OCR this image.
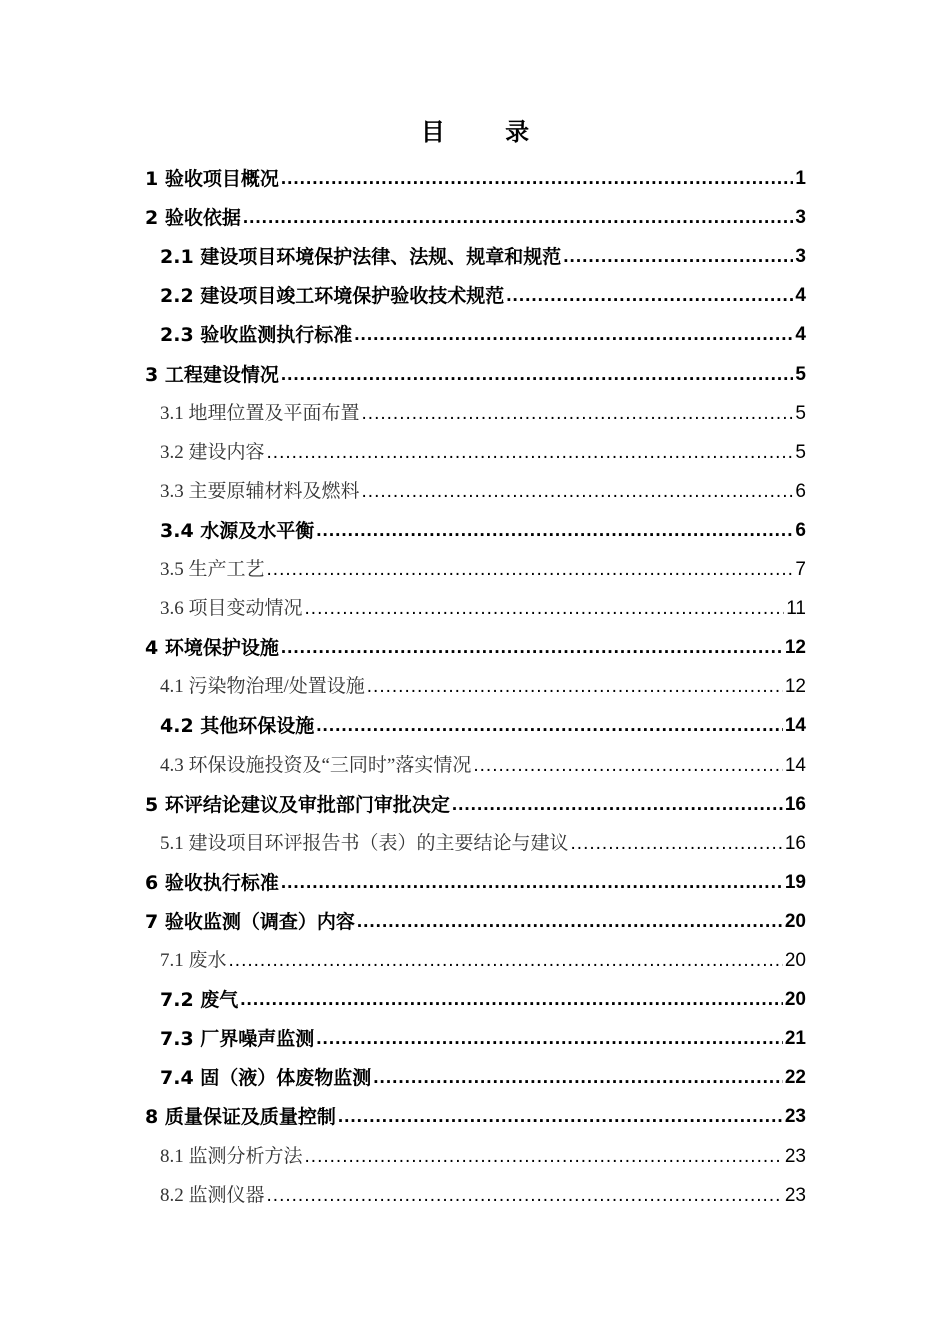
目 录
1 验收项目概况 .....	1
2 验收依据 .....	3
2.1 建设项目环境保护法律、法规、规章和规范 .....	3
2.2 建设项目竣工环境保护验收技术规范 .....	4
2.3 验收监测执行标准 .....	4
3 工程建设情况 .....	5
3.1 地理位置及平面布置 .....	5
3.2 建设内容 .....	5
3.3 主要原辅材料及燃料 .....	6
3.4 水源及水平衡 .....	6
3.5 生产工艺 .....	7
3.6 项目变动情况 .....	11
4 环境保护设施 .....	12
4.1 污染物治理/处置设施 .....	12
4.2 其他环保设施 .....	14
4.3 环保设施投资及“三同时”落实情况 .....	14
5 环评结论建议及审批部门审批决定 .....	16
5.1 建设项目环评报告书（表）的主要结论与建议 .....	16
6 验收执行标准 .....	19
7 验收监测（调查）内容 .....	20
7.1 废水 .....	20
7.2 废气 .....	20
7.3 厂界噪声监测 .....	21
7.4 固（液）体废物监测 .....	22
8 质量保证及质量控制 .....	23
8.1 监测分析方法 .....	23
8.2 监测仪器 .....	23
